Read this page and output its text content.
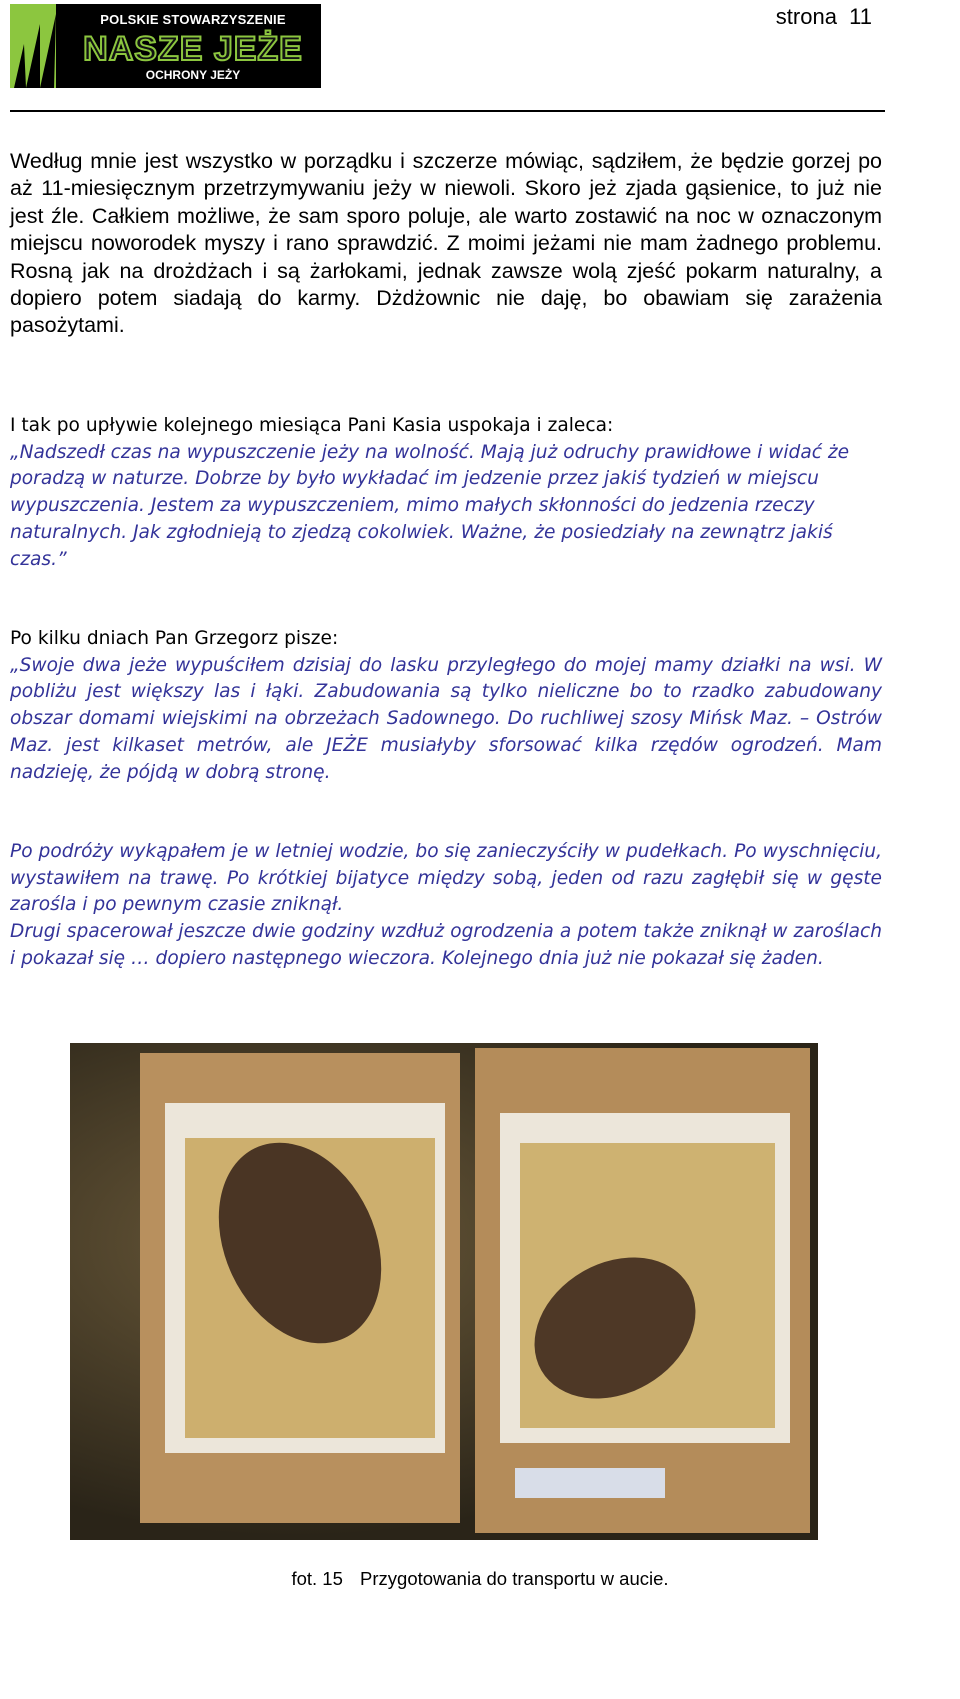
POLSKIE STOWARZYSZENIE
NASZE JEŻE
OCHRONY JEŻY
strona  11
Według mnie jest wszystko w porządku i szczerze mówiąc, sądziłem, że będzie gorzej po aż 11-miesięcznym przetrzymywaniu jeży w niewoli. Skoro jeż zjada gąsienice, to już nie jest źle. Całkiem możliwe, że sam sporo poluje, ale warto zostawić na noc w oznaczonym miejscu noworodek myszy i rano sprawdzić. Z moimi jeżami nie mam żadnego problemu. Rosną jak na drożdżach i są żarłokami, jednak zawsze wolą zjeść pokarm naturalny, a dopiero potem siadają do karmy. Dżdżownic nie daję, bo obawiam się zarażenia pasożytami.
I tak po upływie kolejnego miesiąca Pani Kasia uspokaja i zaleca:
„Nadszedł czas na wypuszczenie jeży na wolność. Mają już odruchy prawidłowe i widać że poradzą w naturze. Dobrze by było wykładać im jedzenie przez jakiś tydzień w miejscu wypuszczenia. Jestem za wypuszczeniem, mimo małych skłonności do jedzenia rzeczy naturalnych. Jak zgłodnieją to zjedzą cokolwiek. Ważne, że posiedziały na zewnątrz jakiś czas.”
Po kilku dniach Pan Grzegorz pisze:
„Swoje dwa jeże wypuściłem dzisiaj do lasku przyległego do mojej mamy działki na wsi. W pobliżu jest większy las i łąki. Zabudowania są tylko nieliczne bo to rzadko zabudowany obszar domami wiejskimi na obrzeżach Sadownego. Do ruchliwej szosy Mińsk Maz. – Ostrów Maz. jest kilkaset metrów, ale JEŻE musiałyby sforsować kilka rzędów ogrodzeń. Mam nadzieję, że pójdą w dobrą stronę.
Po podróży wykąpałem je w letniej wodzie, bo się zanieczyściły w pudełkach. Po wyschnięciu, wystawiłem na trawę. Po krótkiej bijatyce między sobą, jeden od razu zagłębił się w gęste zarośla i po pewnym czasie zniknął.
Drugi spacerował jeszcze dwie godziny wzdłuż ogrodzenia a potem także zniknął w zaroślach i pokazał się … dopiero następnego wieczora. Kolejnego dnia już nie pokazał się żaden.
fot. 15 Przygotowania do transportu w aucie.
